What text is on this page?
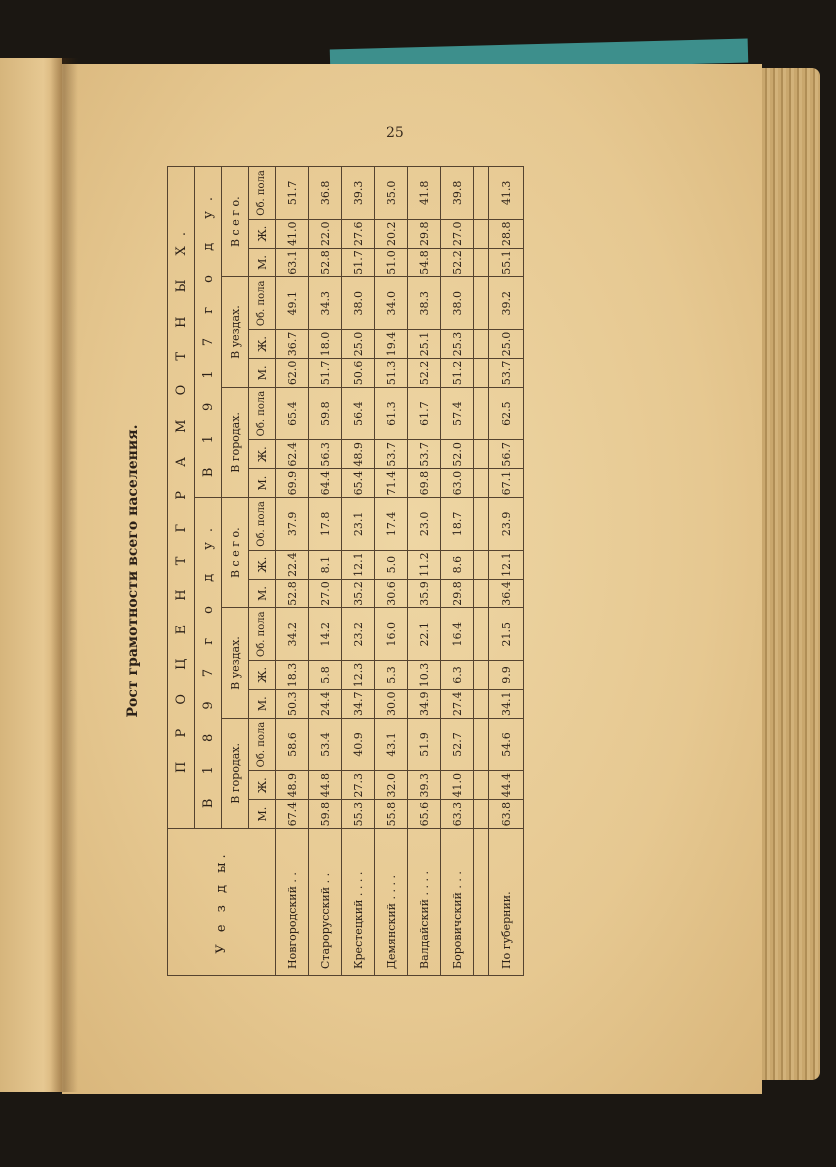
25
Рост грамотности всего населения.
У е з д ы.	П Р О Ц Е Н Т Г Р А М О Т Н Ы Х.																	
	В 1 8 9 7 г о д у.									В 1 9 1 7 г о д у.								
	В городах.			В уездах.			В с е г о.			В городах.			В уездах.			В с е г о.		
	М.	Ж.	Об. пола	М.	Ж.	Об. пола	М.	Ж.	Об. пола	М.	Ж.	Об. пола	М.	Ж.	Об. пола	М.	Ж.	Об. пола
Новгородский . .	67.4	48.9	58.6	50.3	18.3	34.2	52.8	22.4	37.9	69.9	62.4	65.4	62.0	36.7	49.1	63.1	41.0	51.7
Старорусский . .	59.8	44.8	53.4	24.4	5.8	14.2	27.0	8.1	17.8	64.4	56.3	59.8	51.7	18.0	34.3	52.8	22.0	36.8
Крестецкий . . . .	55.3	27.3	40.9	34.7	12.3	23.2	35.2	12.1	23.1	65.4	48.9	56.4	50.6	25.0	38.0	51.7	27.6	39.3
Демянский . . . .	55.8	32.0	43.1	30.0	5.3	16.0	30.6	5.0	17.4	71.4	53.7	61.3	51.3	19.4	34.0	51.0	20.2	35.0
Валдайский . . . .	65.6	39.3	51.9	34.9	10.3	22.1	35.9	11.2	23.0	69.8	53.7	61.7	52.2	25.1	38.3	54.8	29.8	41.8
Боровичский . . .	63.3	41.0	52.7	27.4	6.3	16.4	29.8	8.6	18.7	63.0	52.0	57.4	51.2	25.3	38.0	52.2	27.0	39.8

По губернии.	63.8	44.4	54.6	34.1	9.9	21.5	36.4	12.1	23.9	67.1	56.7	62.5	53.7	25.0	39.2	55.1	28.8	41.3
